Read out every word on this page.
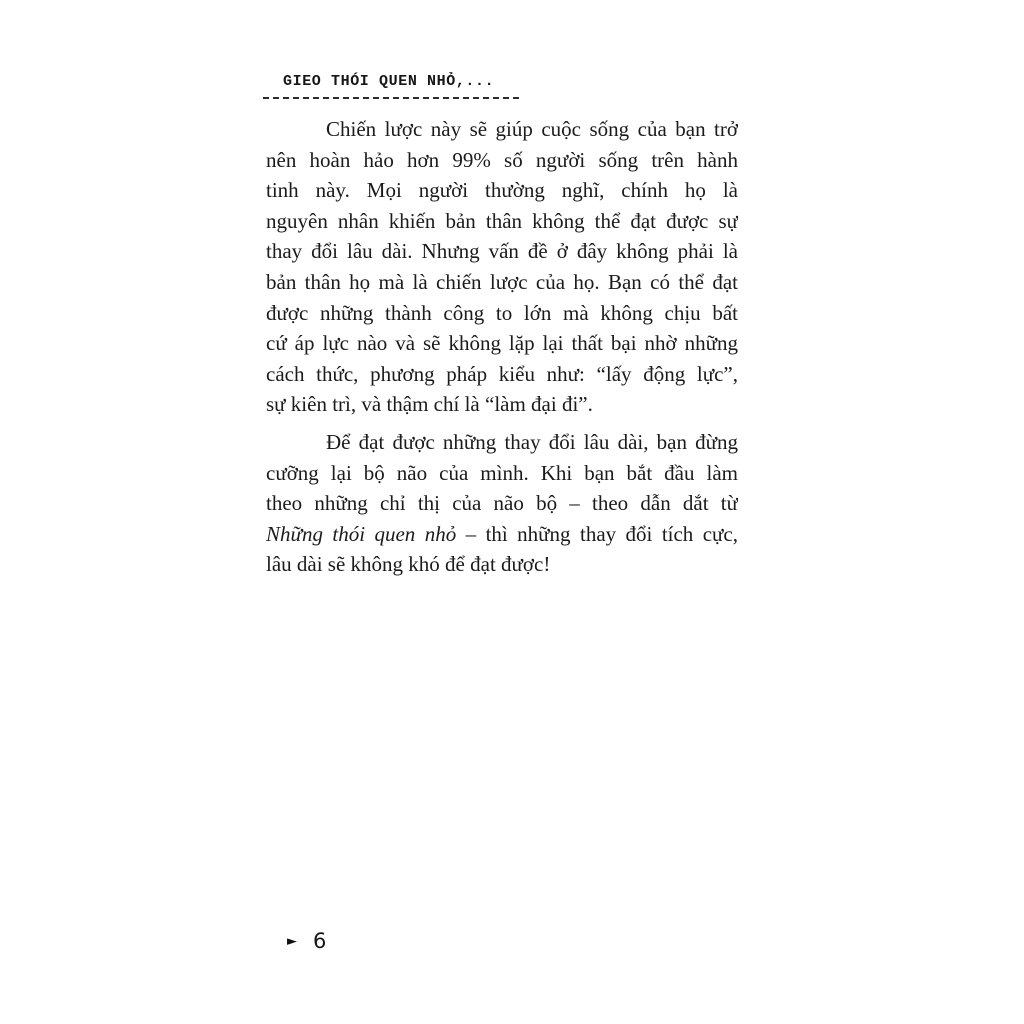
GIEO THÓI QUEN NHỎ,...
Chiến lược này sẽ giúp cuộc sống của bạn trở
nên hoàn hảo hơn 99% số người sống trên hành
tinh này. Mọi người thường nghĩ, chính họ là
nguyên nhân khiến bản thân không thể đạt được sự
thay đổi lâu dài. Nhưng vấn đề ở đây không phải là
bản thân họ mà là chiến lược của họ. Bạn có thể đạt
được những thành công to lớn mà không chịu bất
cứ áp lực nào và sẽ không lặp lại thất bại nhờ những
cách thức, phương pháp kiểu như: “lấy động lực”,
sự kiên trì, và thậm chí là “làm đại đi”.
Để đạt được những thay đổi lâu dài, bạn đừng
cưỡng lại bộ não của mình. Khi bạn bắt đầu làm
theo những chỉ thị của não bộ – theo dẫn dắt từ
Những thói quen nhỏ – thì những thay đổi tích cực,
lâu dài sẽ không khó để đạt được!
► 6
